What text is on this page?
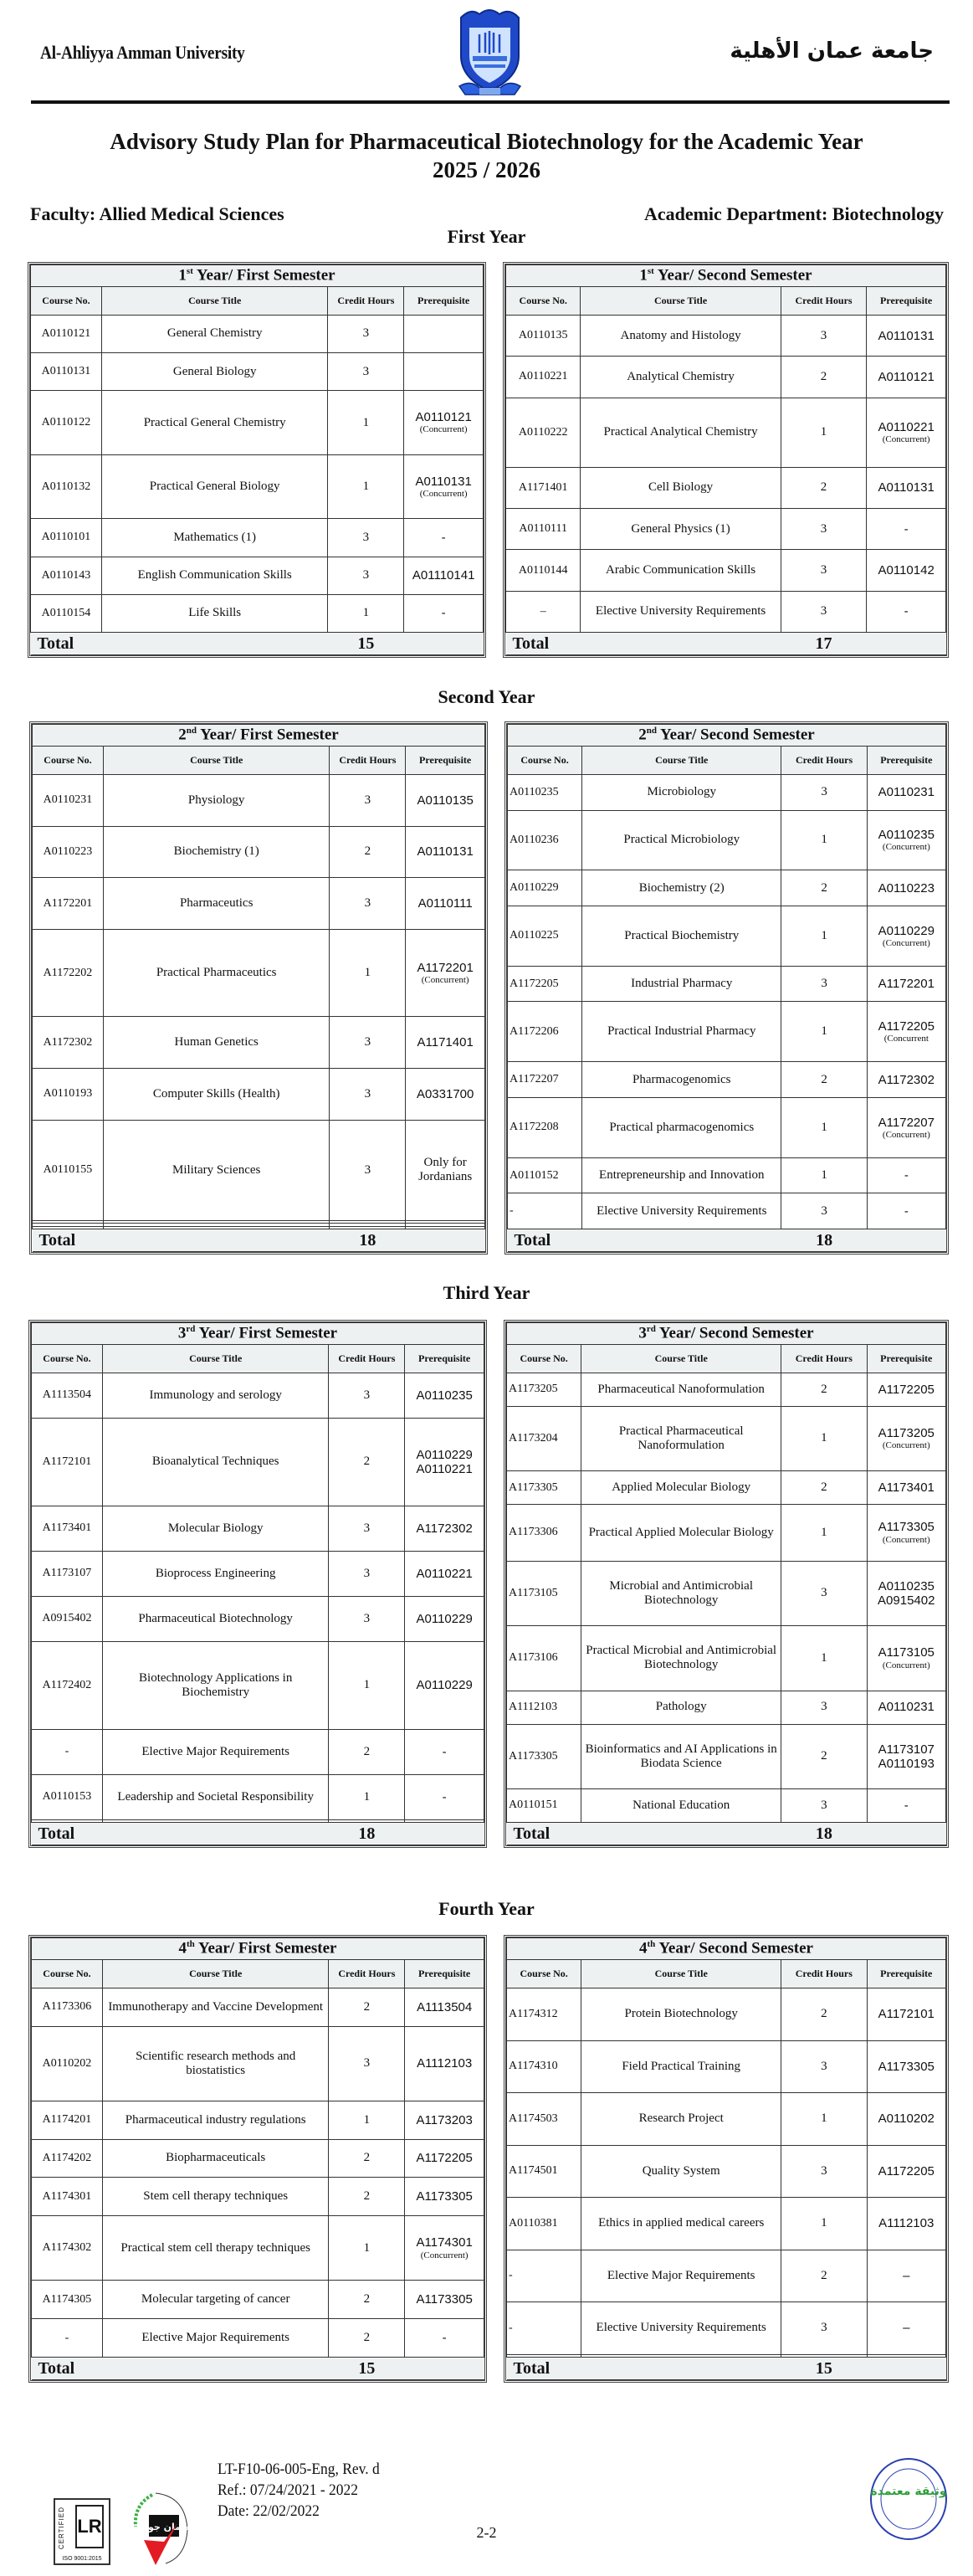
Al-Ahliyya Amman University	جامعة عمان الأهلية
Advisory Study Plan for Pharmaceutical Biotechnology for the Academic Year
2025 / 2026
Faculty: Allied Medical Sciences	Academic Department: Biotechnology
First Year
Second Year
Third Year
Fourth Year
1st Year/ First Semester			
Course No.	Course Title	Credit Hours	Prerequisite
A0110121	General Chemistry	3	

A0110131	General Biology	3	

A0110122	Practical General Chemistry	1	A0110121
(Concurrent)

A0110132	Practical General Biology	1	A0110131
(Concurrent)

A0110101	Mathematics (1)	3	-

A0110143	English Communication Skills	3	A01110141

A0110154	Life Skills	1	-

Total		15	
1st Year/ Second Semester			
Course No.	Course Title	Credit Hours	Prerequisite
A0110135	Anatomy and Histology	3	A0110131

A0110221	Analytical Chemistry	2	A0110121

A0110222	Practical Analytical Chemistry	1	A0110221
(Concurrent)

A1171401	Cell Biology	2	A0110131

A0110111	General Physics (1)	3	-

A0110144	Arabic Communication Skills	3	A0110142

–	Elective University Requirements	3	-

Total		17	
2nd Year/ First Semester			
Course No.	Course Title	Credit Hours	Prerequisite
A0110231	Physiology	3	A0110135

A0110223	Biochemistry (1)	2	A0110131

A1172201	Pharmaceutics	3	A0110111

A1172202	Practical Pharmaceutics	1	A1172201
(Concurrent)

A1172302	Human Genetics	3	A1171401

A0110193	Computer Skills (Health)	3	A0331700

A0110155	Military Sciences	3	Only for Jordanians

Total		18	
2nd Year/ Second Semester			
Course No.	Course Title	Credit Hours	Prerequisite
A0110235	Microbiology	3	A0110231

A0110236	Practical Microbiology	1	A0110235
(Concurrent)

A0110229	Biochemistry (2)	2	A0110223

A0110225	Practical Biochemistry	1	A0110229
(Concurrent)

A1172205	Industrial Pharmacy	3	A1172201

A1172206	Practical Industrial Pharmacy	1	A1172205
(Concurrent

A1172207	Pharmacogenomics	2	A1172302

A1172208	Practical pharmacogenomics	1	A1172207
(Concurrent)

A0110152	Entrepreneurship and Innovation	1	-

-	Elective University Requirements	3	-

Total		18	
3rd Year/ First Semester			
Course No.	Course Title	Credit Hours	Prerequisite
A1113504	Immunology and serology	3	A0110235

A1172101	Bioanalytical Techniques	2	A0110229 A0110221

A1173401	Molecular Biology	3	A1172302

A1173107	Bioprocess Engineering	3	A0110221

A0915402	Pharmaceutical Biotechnology	3	A0110229

A1172402	Biotechnology Applications in Biochemistry	1	A0110229

-	Elective Major Requirements	2	-

A0110153	Leadership and Societal Responsibility	1	-

Total		18	
3rd Year/ Second Semester			
Course No.	Course Title	Credit Hours	Prerequisite
A1173205	Pharmaceutical Nanoformulation	2	A1172205

A1173204	Practical Pharmaceutical Nanoformulation	1	A1173205
(Concurrent)

A1173305	Applied Molecular Biology	2	A1173401

A1173306	Practical Applied Molecular Biology	1	A1173305
(Concurrent)

A1173105	Microbial and Antimicrobial Biotechnology	3	A0110235 A0915402

A1173106	Practical Microbial and Antimicrobial Biotechnology	1	A1173105
(Concurrent)

A1112103	Pathology	3	A0110231

A1173305	Bioinformatics and AI Applications in Biodata Science	2	A1173107 A0110193

A0110151	National Education	3	-

Total		18	
4th Year/ First Semester			
Course No.	Course Title	Credit Hours	Prerequisite
A1173306	Immunotherapy and Vaccine Development	2	A1113504

A0110202	Scientific research methods and biostatistics	3	A1112103

A1174201	Pharmaceutical industry regulations	1	A1173203

A1174202	Biopharmaceuticals	2	A1172205

A1174301	Stem cell therapy techniques	2	A1173305

A1174302	Practical stem cell therapy techniques	1	A1174301
(Concurrent)

A1174305	Molecular targeting of cancer	2	A1173305

-	Elective Major Requirements	2	-

Total		15	
4th Year/ Second Semester			
Course No.	Course Title	Credit Hours	Prerequisite
A1174312	Protein Biotechnology	2	A1172101

A1174310	Field Practical Training	3	A1173305

A1174503	Research Project	1	A0110202

A1174501	Quality System	3	A1172205

A0110381	Ethics in applied medical careers	1	A1112103

-	Elective Major Requirements	2	–

-	Elective University Requirements	3	–

Total		15	
CERTIFIED LR
ISO 9001:2015
ضمان جودة
LT-F10-06-005-Eng, Rev. d
Ref.: 07/24/2021 - 2022
Date: 22/02/2022
2-2
وثيقة معتمدة
